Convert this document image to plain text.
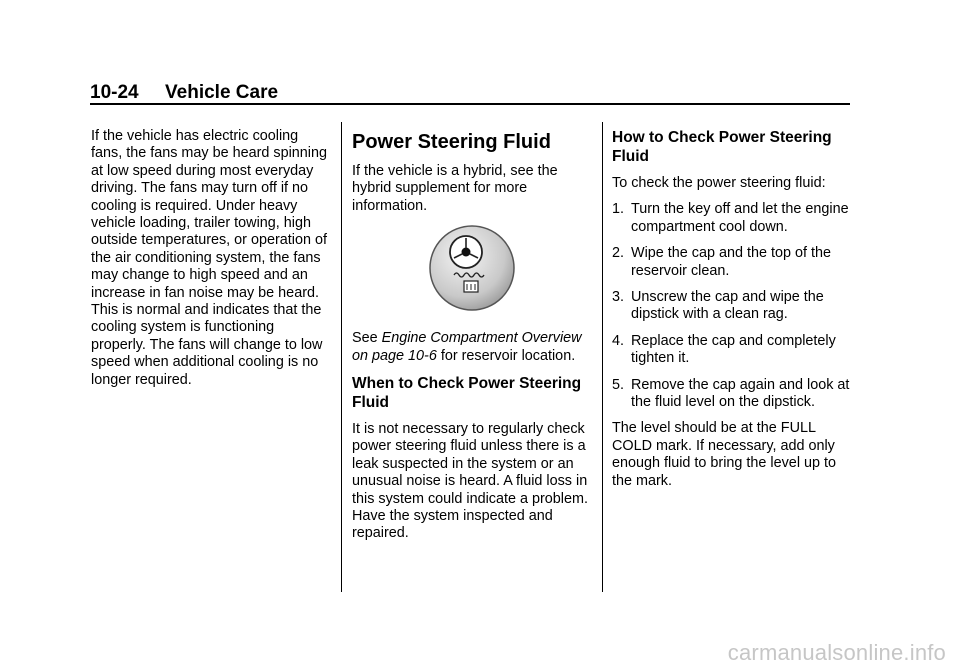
10-24 Vehicle Care

If the vehicle has electric cooling fans, the fans may be heard spinning at low speed during most everyday driving. The fans may turn off if no cooling is required. Under heavy vehicle loading, trailer towing, high outside temperatures, or operation of the air conditioning system, the fans may change to high speed and an increase in fan noise may be heard. This is normal and indicates that the cooling system is functioning properly. The fans will change to low speed when additional cooling is no longer required.

Power Steering Fluid

If the vehicle is a hybrid, see the hybrid supplement for more information.

See Engine Compartment Overview on page 10-6 for reservoir location.

When to Check Power Steering Fluid

It is not necessary to regularly check power steering fluid unless there is a leak suspected in the system or an unusual noise is heard. A fluid loss in this system could indicate a problem. Have the system inspected and repaired.

How to Check Power Steering Fluid

To check the power steering fluid:

1. Turn the key off and let the engine compartment cool down.
2. Wipe the cap and the top of the reservoir clean.
3. Unscrew the cap and wipe the dipstick with a clean rag.
4. Replace the cap and completely tighten it.
5. Remove the cap again and look at the fluid level on the dipstick.

The level should be at the FULL COLD mark. If necessary, add only enough fluid to bring the level up to the mark.

carmanualsonline.info
